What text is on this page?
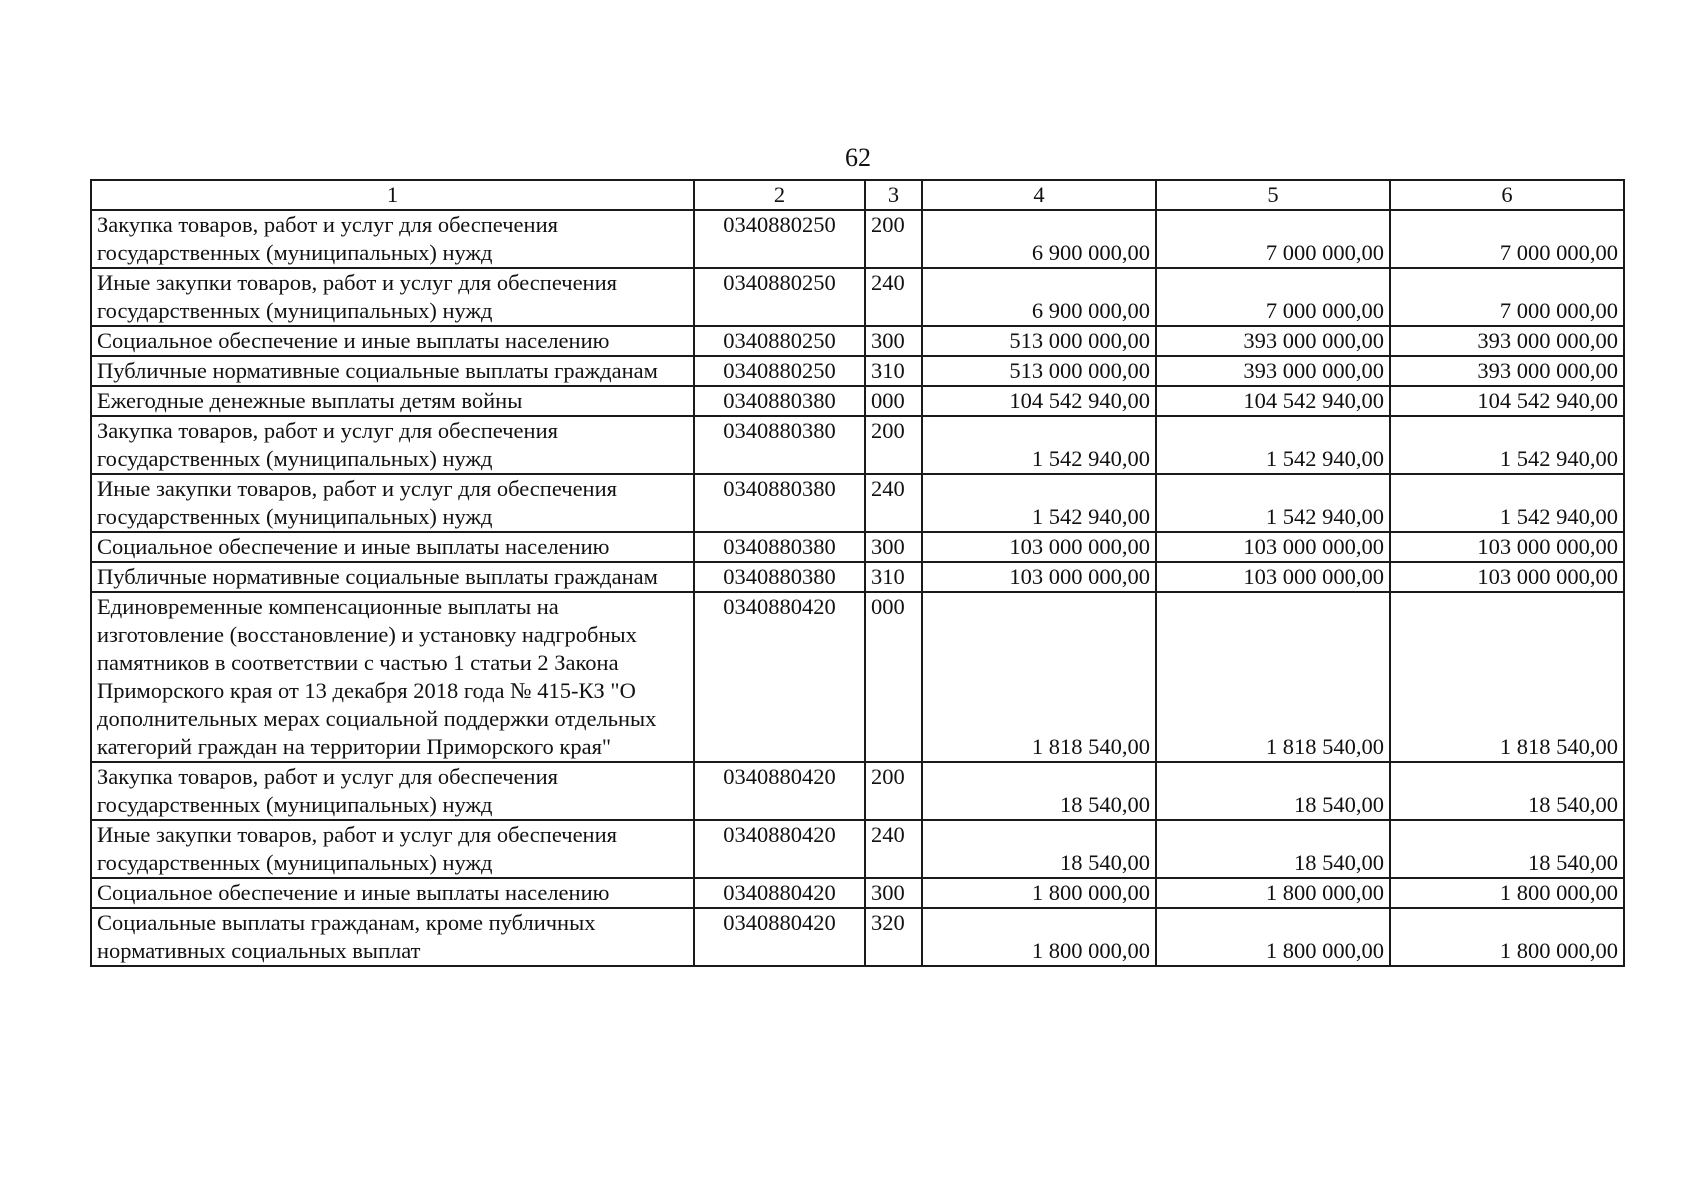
62
1	2	3	4	5	6
Закупка товаров, работ и услуг для обеспечения государственных (муниципальных) нужд	0340880250	200	6 900 000,00	7 000 000,00	7 000 000,00
Иные закупки товаров, работ и услуг для обеспечения государственных (муниципальных) нужд	0340880250	240	6 900 000,00	7 000 000,00	7 000 000,00
Социальное обеспечение и иные выплаты населению	0340880250	300	513 000 000,00	393 000 000,00	393 000 000,00
Публичные нормативные социальные выплаты гражданам	0340880250	310	513 000 000,00	393 000 000,00	393 000 000,00
Ежегодные денежные выплаты детям войны	0340880380	000	104 542 940,00	104 542 940,00	104 542 940,00
Закупка товаров, работ и услуг для обеспечения государственных (муниципальных) нужд	0340880380	200	1 542 940,00	1 542 940,00	1 542 940,00
Иные закупки товаров, работ и услуг для обеспечения государственных (муниципальных) нужд	0340880380	240	1 542 940,00	1 542 940,00	1 542 940,00
Социальное обеспечение и иные выплаты населению	0340880380	300	103 000 000,00	103 000 000,00	103 000 000,00
Публичные нормативные социальные выплаты гражданам	0340880380	310	103 000 000,00	103 000 000,00	103 000 000,00
Единовременные компенсационные выплаты на изготовление (восстановление) и установку надгробных памятников в соответствии с частью 1 статьи 2 Закона Приморского края от 13 декабря 2018 года № 415-КЗ "О дополнительных мерах социальной поддержки отдельных категорий граждан на территории Приморского края"	0340880420	000	1 818 540,00	1 818 540,00	1 818 540,00
Закупка товаров, работ и услуг для обеспечения государственных (муниципальных) нужд	0340880420	200	18 540,00	18 540,00	18 540,00
Иные закупки товаров, работ и услуг для обеспечения государственных (муниципальных) нужд	0340880420	240	18 540,00	18 540,00	18 540,00
Социальное обеспечение и иные выплаты населению	0340880420	300	1 800 000,00	1 800 000,00	1 800 000,00
Социальные выплаты гражданам, кроме публичных нормативных социальных выплат	0340880420	320	1 800 000,00	1 800 000,00	1 800 000,00
